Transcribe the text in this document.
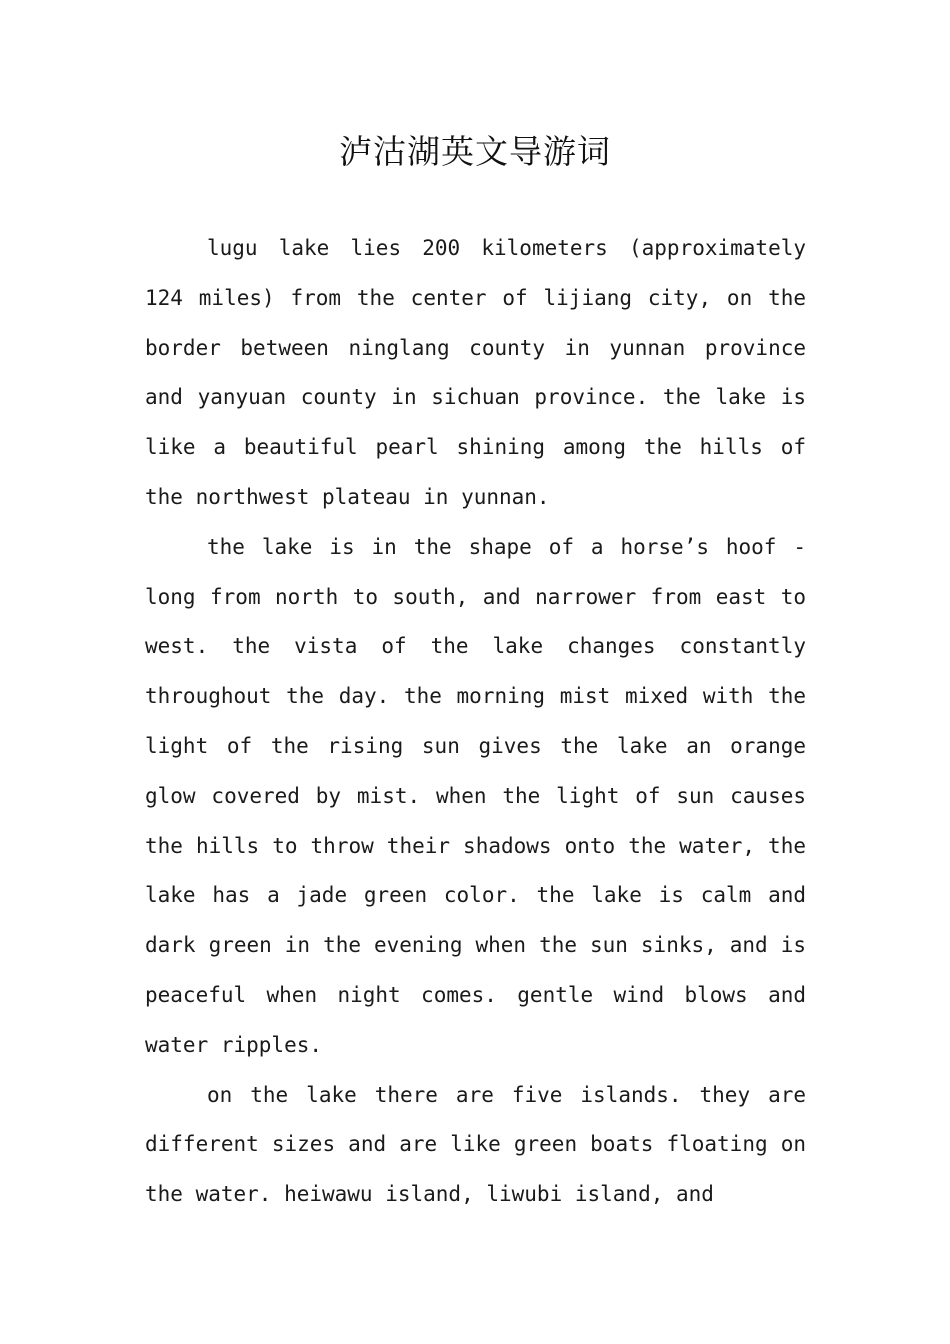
泸沽湖英文导游词

lugu lake lies 200 kilometers (approximately 124 miles) from the center of lijiang city, on the border between ninglang county in yunnan province and yanyuan county in sichuan province. the lake is like a beautiful pearl shining among the hills of the northwest plateau in yunnan.

the lake is in the shape of a horse’s hoof - long from north to south, and narrower from east to west. the vista of the lake changes constantly throughout the day. the morning mist mixed with the light of the rising sun gives the lake an orange glow covered by mist. when the light of sun causes the hills to throw their shadows onto the water, the lake has a jade green color. the lake is calm and dark green in the evening when the sun sinks, and is peaceful when night comes. gentle wind blows and water ripples.

on the lake there are five islands. they are different sizes and are like green boats floating on the water. heiwawu island, liwubi island, and
